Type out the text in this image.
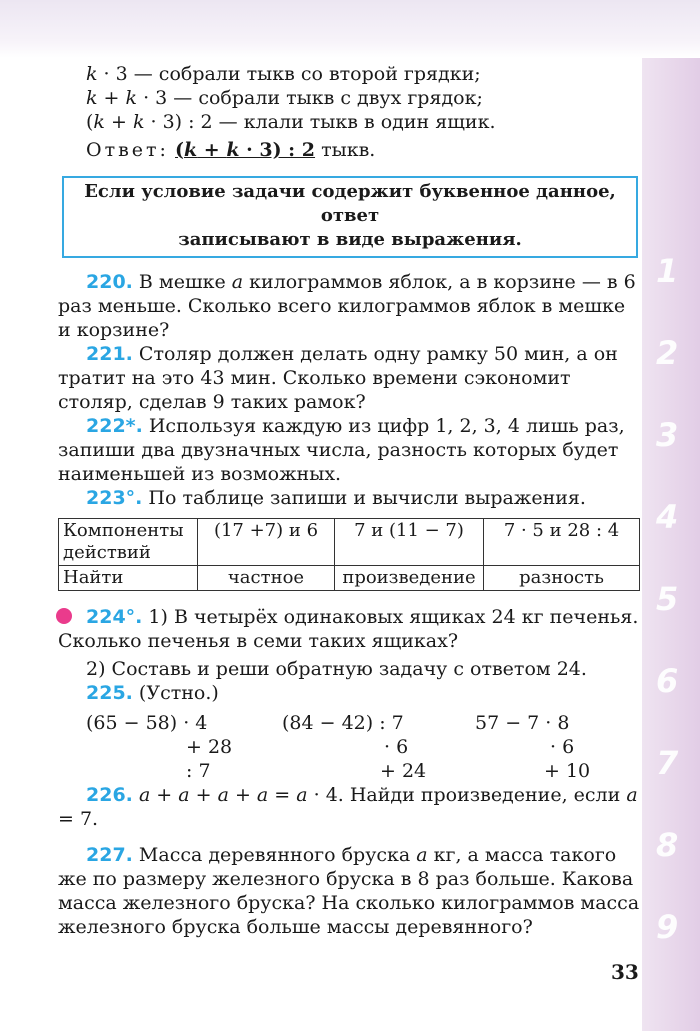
1
2
3
4
5
6
7
8
9

k · 3 — собрали тыкв со второй грядки;

k + k · 3 — собрали тыкв с двух грядок;

(k + k · 3) : 2 — клали тыкв в один ящик.

Ответ: (k + k · 3) : 2 тыкв.

Если условие задачи содержит буквенное данное, ответ
записывают в виде выражения.

220. В мешке a килограммов яблок, а в корзине — в 6 раз меньше. Сколько всего килограммов яблок в мешке и корзине?

221. Столяр должен делать одну рамку 50 мин, а он тратит на это 43 мин. Сколько времени сэкономит столяр, сделав 9 таких рамок?

222*. Используя каждую из цифр 1, 2, 3, 4 лишь раз, запиши два двузначных числа, разность которых будет наименьшей из возможных.

223°. По таблице запиши и вычисли выражения.

Компоненты действий	(17 +7) и 6	7 и (11 − 7)	7 · 5 и 28 : 4
Найти	частное	произведение	разность

224°. 1) В четырёх одинаковых ящиках 24 кг печенья. Сколько печенья в семи таких ящиках?

2) Составь и реши обратную задачу с ответом 24.

225. (Устно.)

(65 − 58) · 4
+ 28
: 7
(84 − 42) : 7
· 6
+ 24
57 − 7 · 8
· 6
+ 10

226. a + a + a + a = a · 4. Найди произведение, если a = 7.

227. Масса деревянного бруска a кг, а масса такого же по размеру железного бруска в 8 раз больше. Какова масса железного бруска? На сколько килограммов масса железного бруска больше массы деревянного?

33
